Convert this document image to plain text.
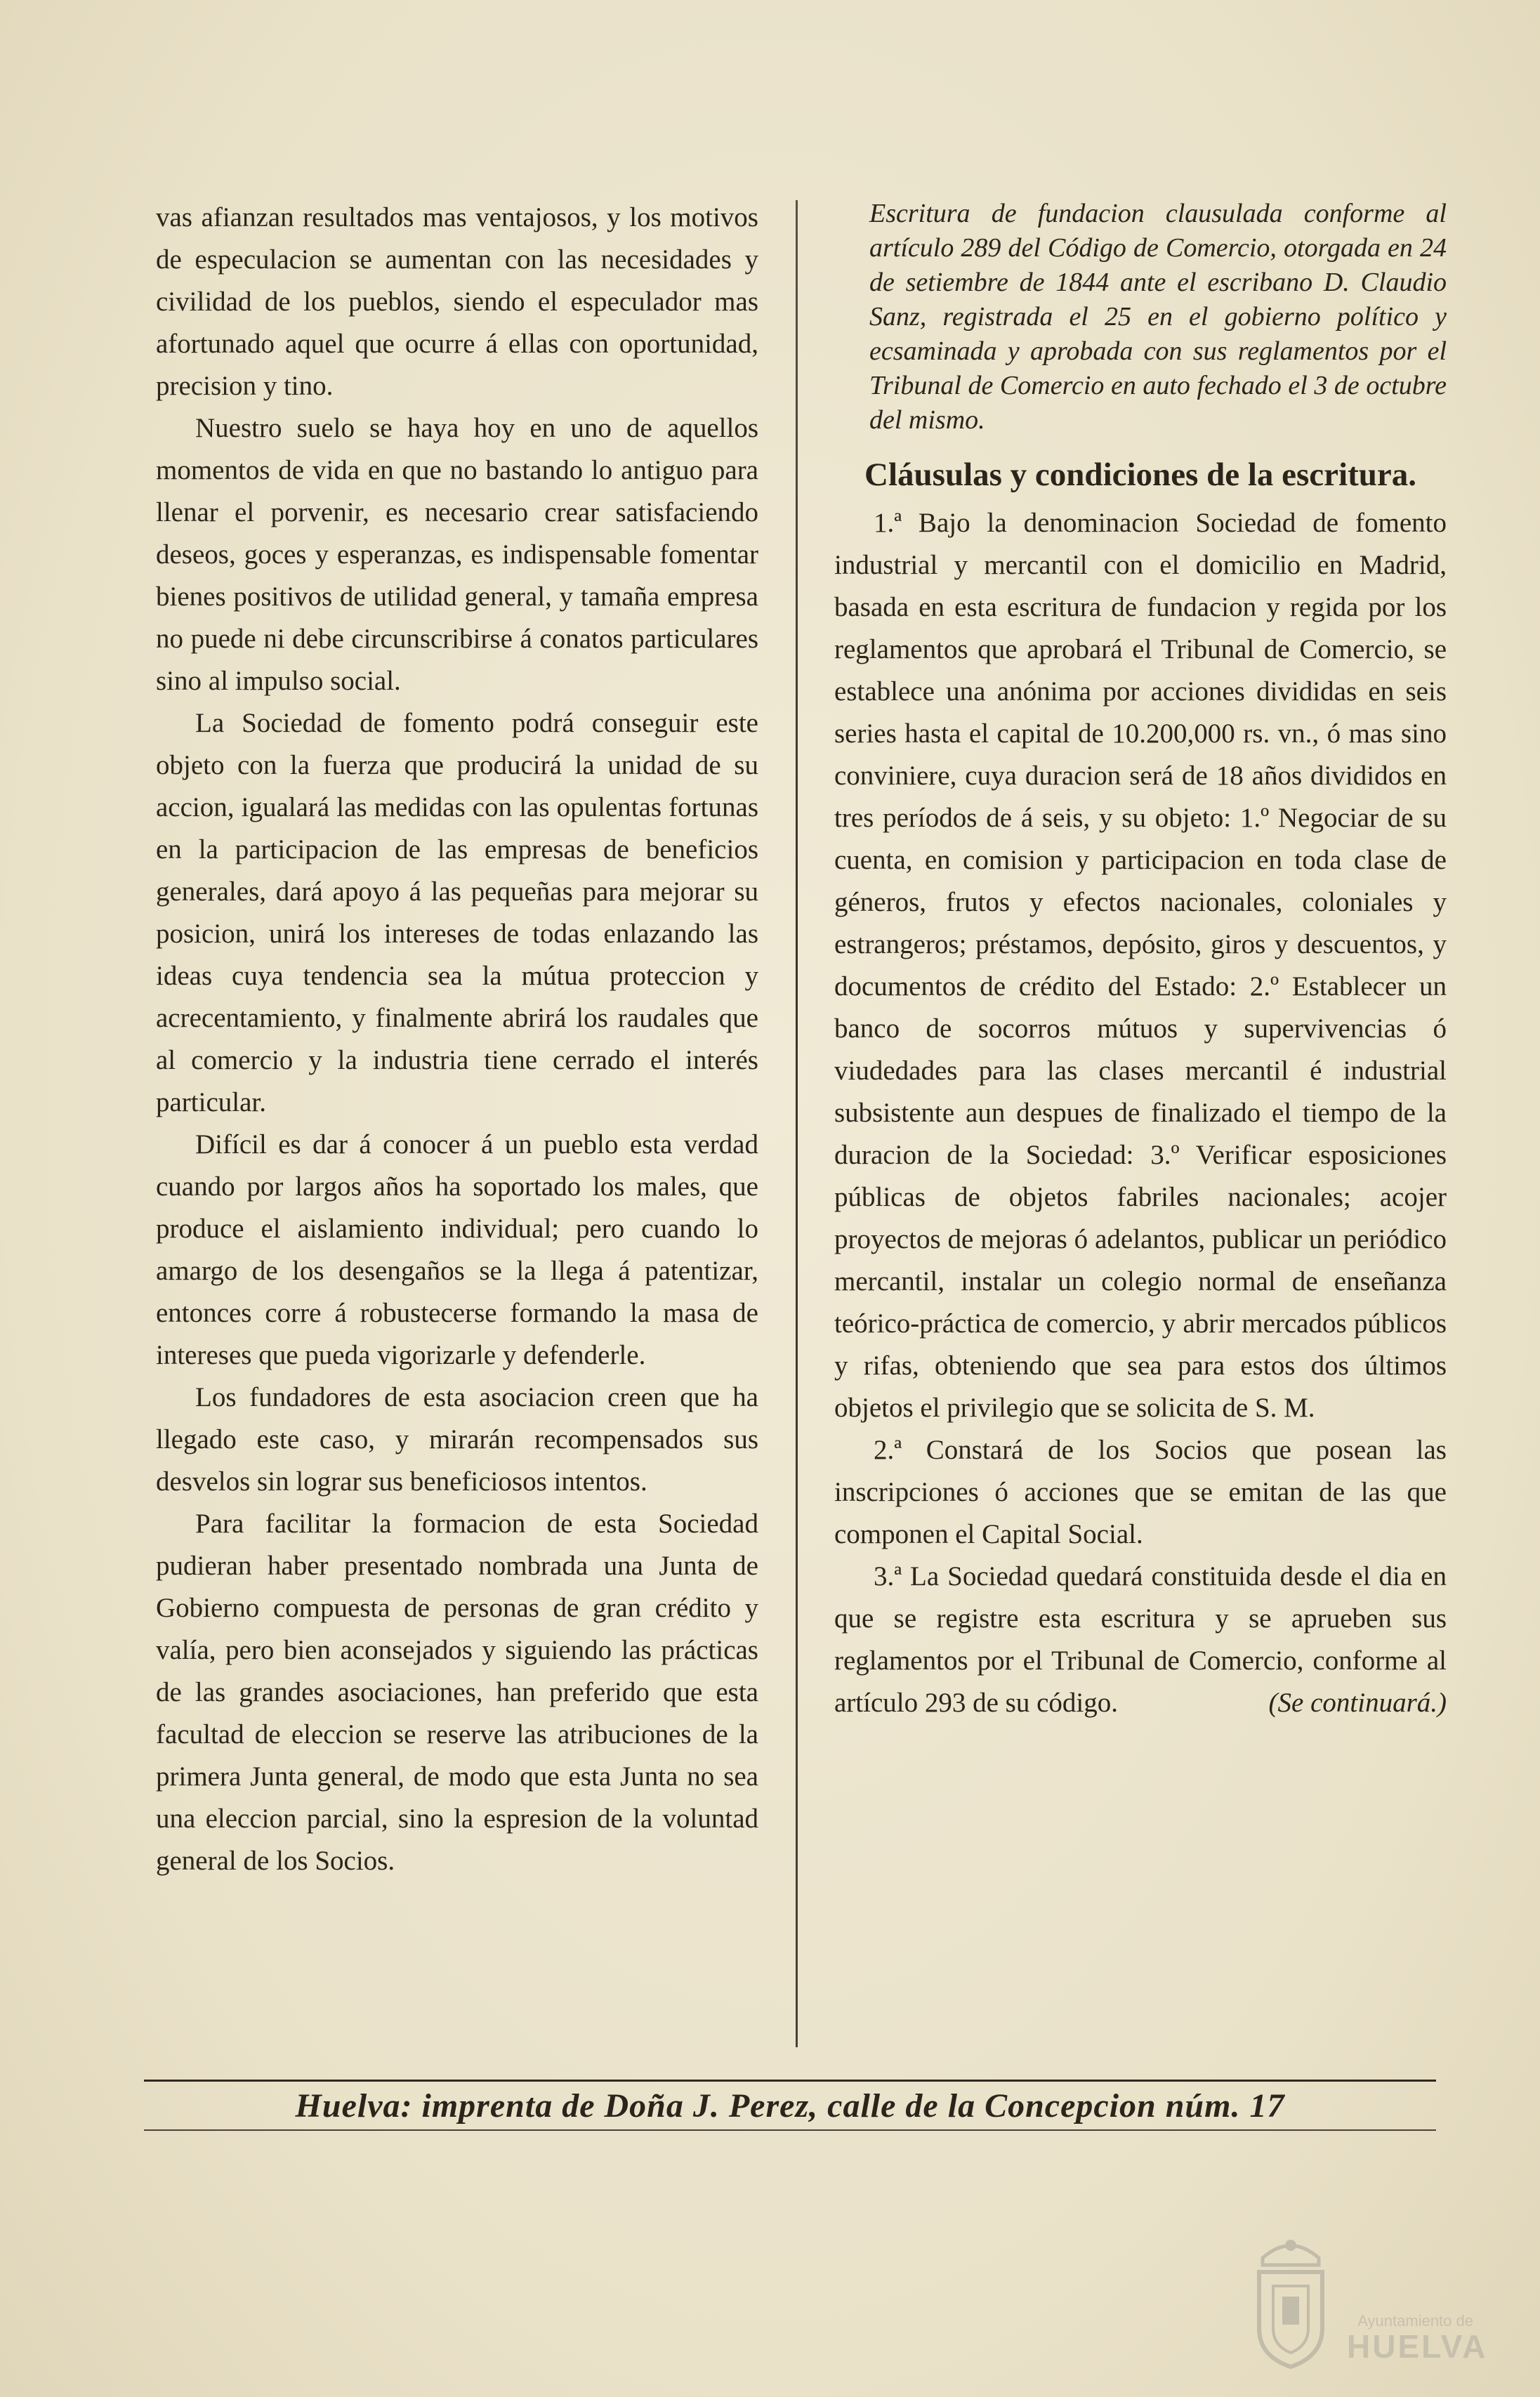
vas afianzan resultados mas ventajosos, y los motivos de especulacion se aumentan con las necesidades y civilidad de los pueblos, siendo el especulador mas afortunado aquel que ocurre á ellas con oportunidad, precision y tino.

Nuestro suelo se haya hoy en uno de aquellos momentos de vida en que no bastando lo antiguo para llenar el porvenir, es necesario crear satisfaciendo deseos, goces y esperanzas, es indispensable fomentar bienes positivos de utilidad general, y tamaña empresa no puede ni debe circunscribirse á conatos particulares sino al impulso social.

La Sociedad de fomento podrá conseguir este objeto con la fuerza que producirá la unidad de su accion, igualará las medidas con las opulentas fortunas en la participacion de las empresas de beneficios generales, dará apoyo á las pequeñas para mejorar su posicion, unirá los intereses de todas enlazando las ideas cuya tendencia sea la mútua proteccion y acrecentamiento, y finalmente abrirá los raudales que al comercio y la industria tiene cerrado el interés particular.

Difícil es dar á conocer á un pueblo esta verdad cuando por largos años ha soportado los males, que produce el aislamiento individual; pero cuando lo amargo de los desengaños se la llega á patentizar, entonces corre á robustecerse formando la masa de intereses que pueda vigorizarle y defenderle.

Los fundadores de esta asociacion creen que ha llegado este caso, y mirarán recompensados sus desvelos sin lograr sus beneficiosos intentos.

Para facilitar la formacion de esta Sociedad pudieran haber presentado nombrada una Junta de Gobierno compuesta de personas de gran crédito y valía, pero bien aconsejados y siguiendo las prácticas de las grandes asociaciones, han preferido que esta facultad de eleccion se reserve las atribuciones de la primera Junta general, de modo que esta Junta no sea una eleccion parcial, sino la espresion de la voluntad general de los Socios.

Escritura de fundacion clausulada conforme al artículo 289 del Código de Comercio, otorgada en 24 de setiembre de 1844 ante el escribano D. Claudio Sanz, registrada el 25 en el gobierno político y ecsaminada y aprobada con sus reglamentos por el Tribunal de Comercio en auto fechado el 3 de octubre del mismo.

Cláusulas y condiciones de la escritura.

1.ª Bajo la denominacion Sociedad de fomento industrial y mercantil con el domicilio en Madrid, basada en esta escritura de fundacion y regida por los reglamentos que aprobará el Tribunal de Comercio, se establece una anónima por acciones divididas en seis series hasta el capital de 10.200,000 rs. vn., ó mas sino conviniere, cuya duracion será de 18 años divididos en tres períodos de á seis, y su objeto: 1.º Negociar de su cuenta, en comision y participacion en toda clase de géneros, frutos y efectos nacionales, coloniales y estrangeros; préstamos, depósito, giros y descuentos, y documentos de crédito del Estado: 2.º Establecer un banco de socorros mútuos y supervivencias ó viudedades para las clases mercantil é industrial subsistente aun despues de finalizado el tiempo de la duracion de la Sociedad: 3.º Verificar esposiciones públicas de objetos fabriles nacionales; acojer proyectos de mejoras ó adelantos, publicar un periódico mercantil, instalar un colegio normal de enseñanza teórico-práctica de comercio, y abrir mercados públicos y rifas, obteniendo que sea para estos dos últimos objetos el privilegio que se solicita de S. M.

2.ª Constará de los Socios que posean las inscripciones ó acciones que se emitan de las que componen el Capital Social.

3.ª La Sociedad quedará constituida desde el dia en que se registre esta escritura y se aprueben sus reglamentos por el Tribunal de Comercio, conforme al artículo 293 de su código.	(Se continuará.)
Huelva: imprenta de Doña J. Perez, calle de la Concepcion núm. 17
Ayuntamiento de
HUELVA
